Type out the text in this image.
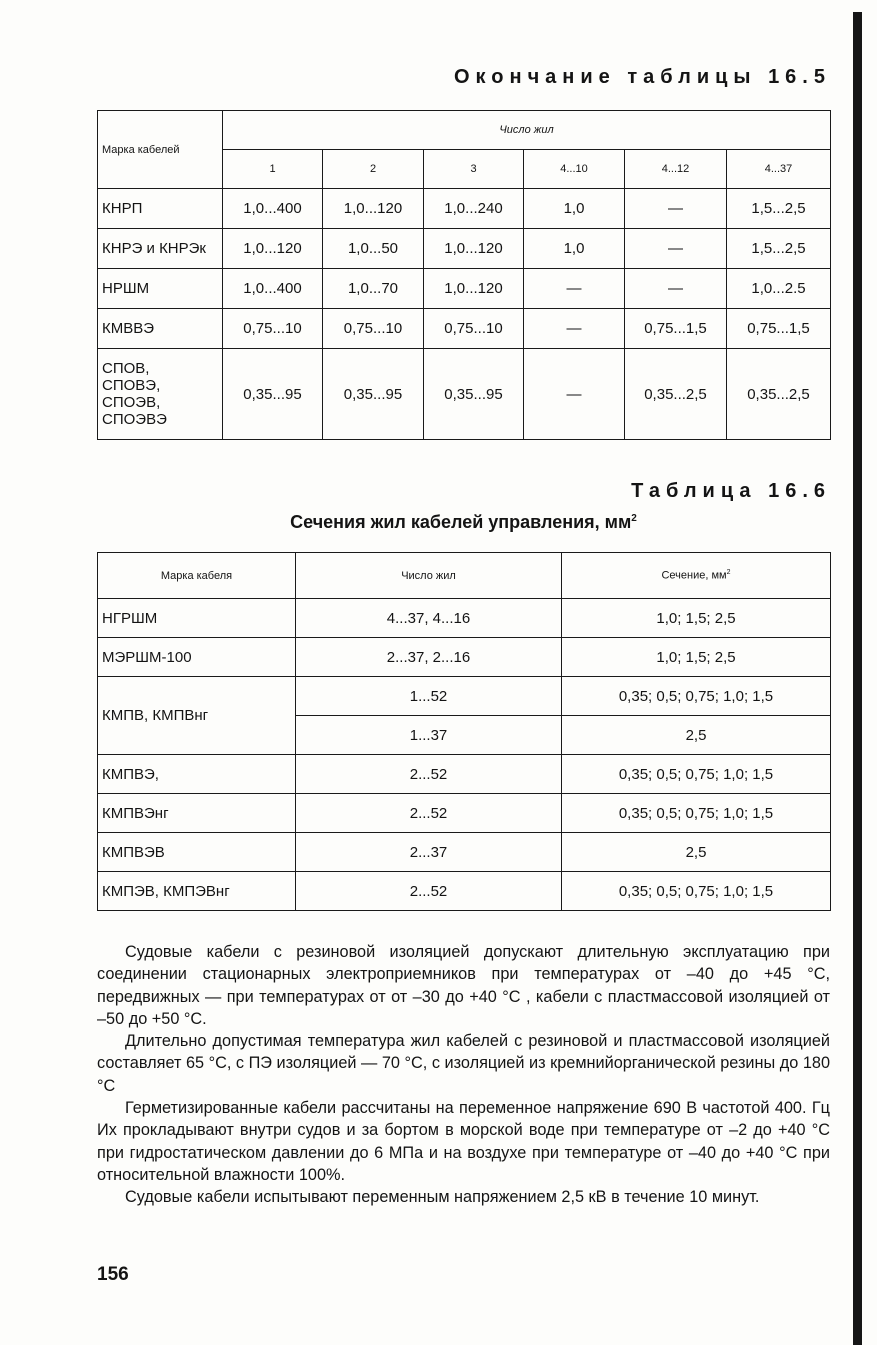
Окончание таблицы 16.5
Марка кабелей	Число жил					
	1	2	3	4...10	4...12	4...37
КНРП	1,0...400	1,0...120	1,0...240	1,0	—	1,5...2,5
КНРЭ и КНРЭк	1,0...120	1,0...50	1,0...120	1,0	—	1,5...2,5
НРШМ	1,0...400	1,0...70	1,0...120	—	—	1,0...2.5
КМВВЭ	0,75...10	0,75...10	0,75...10	—	0,75...1,5	0,75...1,5

СПОВ,
СПОВЭ,
СПОЭВ,
СПОЭВЭ	0,35...95	0,35...95	0,35...95	—	0,35...2,5	0,35...2,5
Таблица 16.6
Сечения жил кабелей управления, $мм^2$
Марка кабеля	Число жил	Сечение, $мм^2$
НГРШМ	4...37, 4...16	1,0; 1,5; 2,5
МЭРШМ-100	2...37, 2...16	1,0; 1,5; 2,5
КМПВ, КМПВнг	1...52	0,35; 0,5; 0,75; 1,0; 1,5
	1...37	2,5
КМПВЭ,	2...52	0,35; 0,5; 0,75; 1,0; 1,5
КМПВЭнг	2...52	0,35; 0,5; 0,75; 1,0; 1,5
КМПВЭВ	2...37	2,5
КМПЭВ, КМПЭВнг	2...52	0,35; 0,5; 0,75; 1,0; 1,5

Судовые кабели с резиновой изоляцией допускают длительную эксплуатацию при соединении стационарных электроприемников при температурах от –40 до +45 °С, передвижных — при температурах от от –30 до +40 °С , кабели с пластмассовой изоляцией от –50 до +50 °С.

Длительно допустимая температура жил кабелей с резиновой и пластмассовой изоляцией составляет 65 °С, с ПЭ изоляцией — 70 °С, с изоляцией из кремнийорганической резины до 180 °С

Герметизированные кабели рассчитаны на переменное напряжение 690 В частотой 400. Гц Их прокладывают внутри судов и за бортом в морской воде при температуре от –2 до +40 °С при гидростатическом давлении до 6 МПа и на воздухе при температуре от –40 до +40 °С при относительной влажности 100%.

Судовые кабели испытывают переменным напряжением 2,5 кВ в течение 10 минут.

156
